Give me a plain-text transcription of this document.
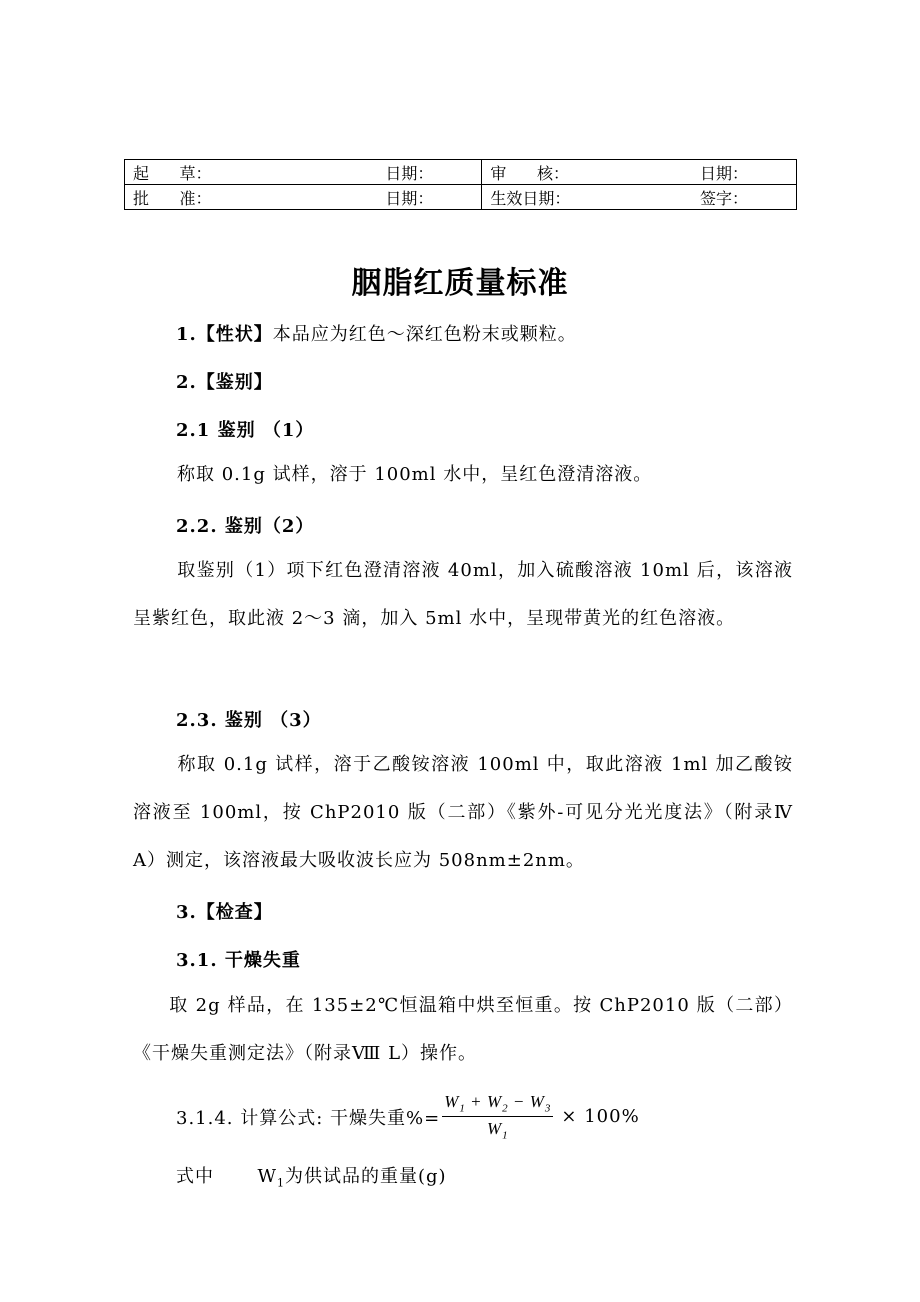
起      草： 日期：	审      核： 日期：

批      准： 日期：	生效日期： 签字：
胭脂红质量标准
1.【性状】本品应为红色～深红色粉末或颗粒。
2.【鉴别】
2.1 鉴别 （1）
称取 0.1g 试样，溶于 100ml 水中，呈红色澄清溶液。
2.2. 鉴别（2）
取鉴别（1）项下红色澄清溶液 40ml，加入硫酸溶液 10ml 后，该溶液呈紫红色，取此液 2～3 滴，加入 5ml 水中，呈现带黄光的红色溶液。
2.3. 鉴别 （3）
称取 0.1g 试样，溶于乙酸铵溶液 100ml 中，取此溶液 1ml 加乙酸铵溶液至 100ml，按 ChP2010 版（二部）《紫外-可见分光光度法》（附录Ⅳ A）测定，该溶液最大吸收波长应为 508nm±2nm。
3.【检查】
3.1. 干燥失重
取 2g 样品，在 135±2℃恒温箱中烘至恒重。按 ChP2010 版（二部）《干燥失重测定法》（附录Ⅷ L）操作。
3.1.4. 计算公式: 干燥失重%= $\frac{W_1 + W_2 - W_3}{W_1} \times 100\%$
式中 $W_1$为供试品的重量(g)
